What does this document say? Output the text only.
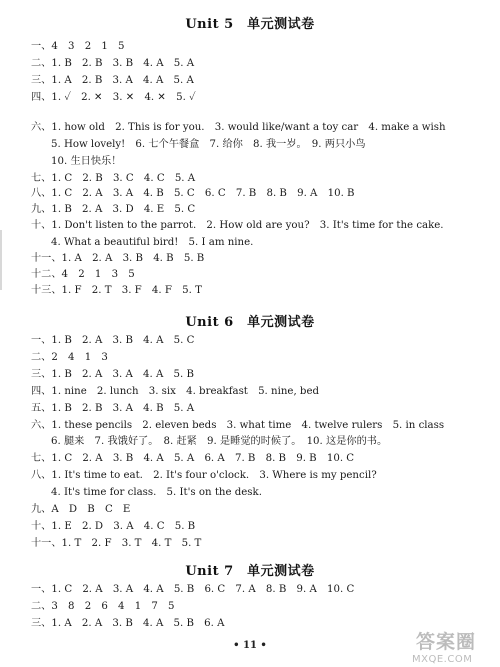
Unit 5　单元测试卷
一、4　3　2　1　5
二、1. B　2. B　3. B　4. A　5. A
三、1. A　2. B　3. A　4. A　5. A
四、1. ✓　2. ✕　3. ✕　4. ✕　5. ✓
六、1. how old　2. This is for you.　3. would like/want a toy car　4. make a wish
5. How lovely!　6. 七个午餐盒　7. 给你　8. 我一岁。　9. 两只小鸟
10. 生日快乐！
七、1. C　2. B　3. C　4. C　5. A
八、1. C　2. A　3. A　4. B　5. C　6. C　7. B　8. B　9. A　10. B
九、1. B　2. A　3. D　4. E　5. C
十、1. Don't listen to the parrot.　2. How old are you?　3. It's time for the cake.
4. What a beautiful bird!　5. I am nine.
十一、1. A　2. A　3. B　4. B　5. B
十二、4　2　1　3　5
十三、1. F　2. T　3. F　4. F　5. T
Unit 6　单元测试卷
一、1. B　2. A　3. B　4. A　5. C
二、2　4　1　3
三、1. B　2. A　3. A　4. A　5. B
四、1. nine　2. lunch　3. six　4. breakfast　5. nine, bed
五、1. B　2. B　3. A　4. B　5. A
六、1. these pencils　2. eleven beds　3. what time　4. twelve rulers　5. in class
6. 腿来　7. 我饿好了。　8. 赶紧　9. 是睡觉的时候了。　10. 这是你的书。
七、1. C　2. A　3. B　4. A　5. A　6. A　7. B　8. B　9. B　10. C
八、1. It's time to eat.　2. It's four o'clock.　3. Where is my pencil?
4. It's time for class.　5. It's on the desk.
九、A　D　B　C　E
十、1. E　2. D　3. A　4. C　5. B
十一、1. T　2. F　3. T　4. T　5. T
Unit 7　单元测试卷
一、1. C　2. A　3. A　4. A　5. B　6. C　7. A　8. B　9. A　10. C
二、3　8　2　6　4　1　7　5
三、1. A　2. A　3. B　4. A　5. B　6. A
• 11 •	答案圈
MXQE.COM
